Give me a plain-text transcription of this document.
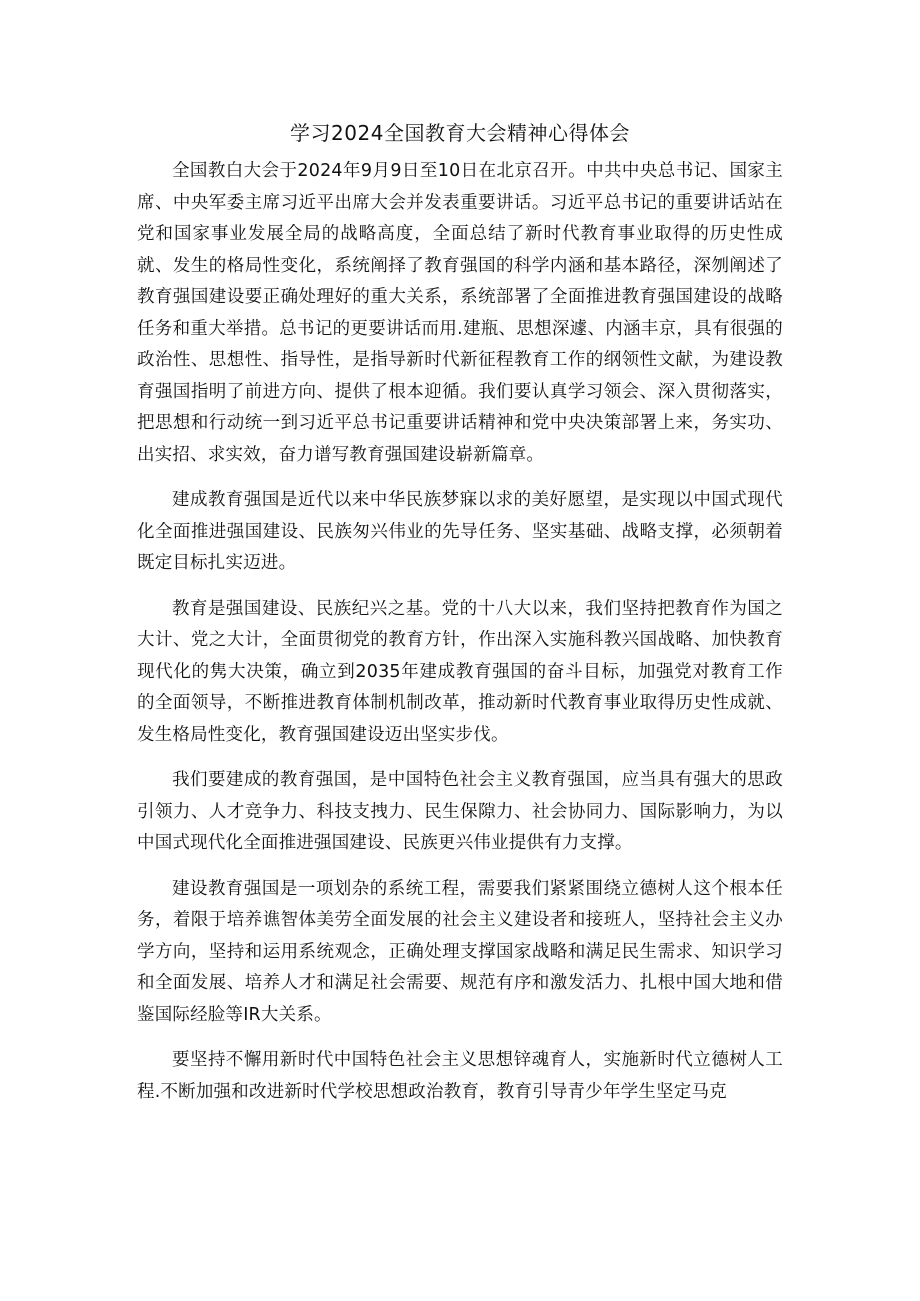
学习2024全国教育大会精神心得体会

全国教白大会于2024年9月9日至10日在北京召开。中共中央总书记、国家主席、中央军委主席习近平出席大会并发表重要讲话。习近平总书记的重要讲话站在党和国家事业发展全局的战略高度，全面总结了新时代教育事业取得的历史性成就、发生的格局性变化，系统阐择了教育强国的科学内涵和基本路径，深刎阐述了教育强国建设要正确处理好的重大关系，系统部署了全面推进教育强国建设的战略任务和重大举措。总书记的更要讲话而用.建瓶、思想深遽、内涵丰京，具有很强的政治性、思想性、指导性，是指导新时代新征程教育工作的纲领性文献，为建设教育强国指明了前进方向、提供了根本迎循。我们要认真学习领会、深入贯彻落实，把思想和行动统一到习近平总书记重要讲话精神和党中央决策部署上来，务实功、出实招、求实效，奋力谱写教育强国建设崭新篇章。

建成教育强国是近代以来中华民族梦寐以求的美好愿望，是实现以中国式现代化全面推进强国建设、民族匆兴伟业的先导任务、坚实基础、战略支撑，必须朝着既定目标扎实迈进。

教育是强国建设、民族纪兴之基。党的十八大以来，我们坚持把教育作为国之大计、党之大计，全面贯彻党的教育方针，作出深入实施科教兴国战略、加快教育现代化的隽大决策，确立到2035年建成教育强国的奋斗目标，加强党对教育工作的全面领导，不断推进教育体制机制改革，推动新时代教育事业取得历史性成就、发生格局性变化，教育强国建设迈出坚实步伐。

我们要建成的教育强国，是中国特色社会主义教育强国，应当具有强大的思政引领力、人才竞争力、科技支拽力、民生保隙力、社会协同力、国际影响力，为以中国式现代化全面推进强国建设、民族更兴伟业提供有力支撑。

建设教育强国是一项划杂的系统工程，需要我们紧紧围绕立德树人这个根本任务，着限于培养谯智体美劳全面发展的社会主义建设者和接班人，坚持社会主义办学方向，坚持和运用系统观念，正确处理支撑国家战略和满足民生需求、知识学习和全面发展、培养人才和满足社会需要、规范有序和激发活力、扎根中国大地和借鉴国际经脸等IR大关系。

要坚持不懈用新时代中国特色社会主义思想锌魂育人，实施新时代立德树人工程.不断加强和改进新时代学校思想政治教育，教育引导青少年学生坚定马克
